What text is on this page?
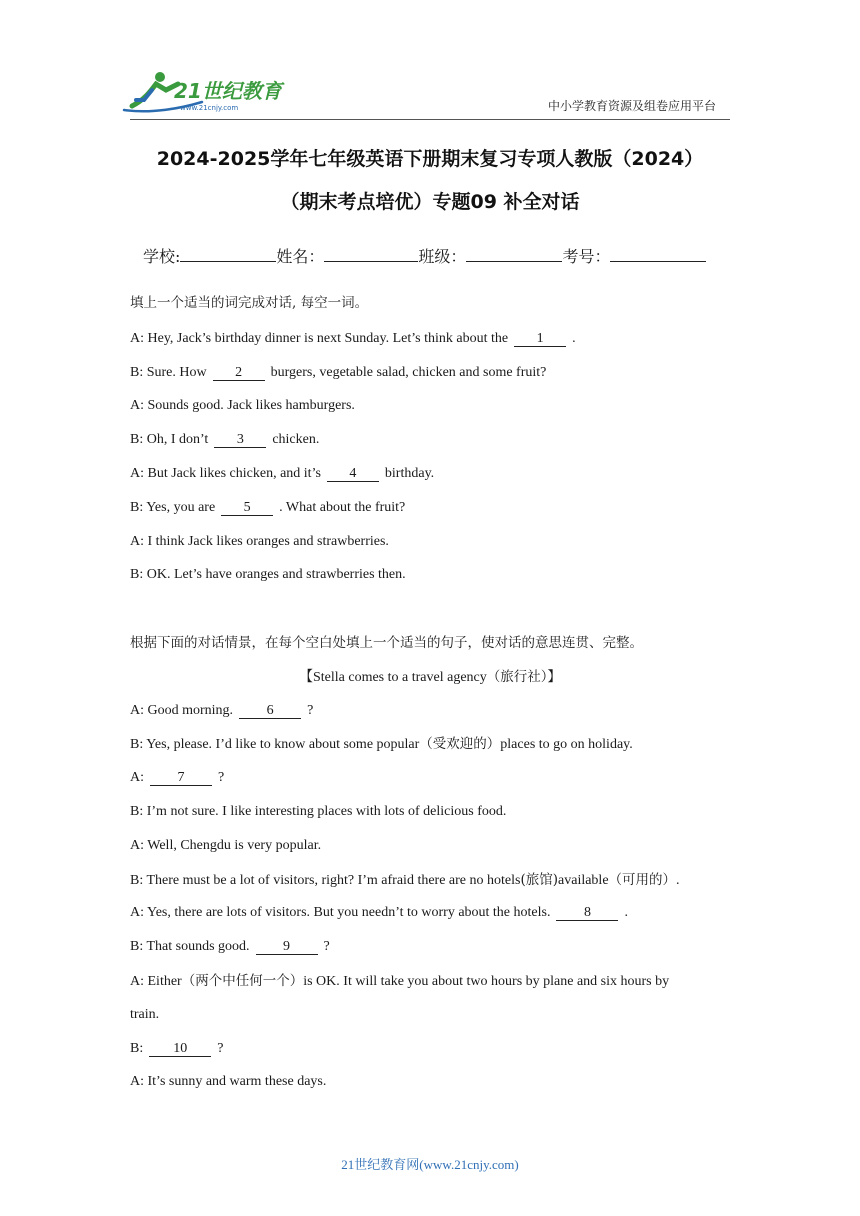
21世纪教育
www.21cnjy.com	中小学教育资源及组卷应用平台
2024-2025学年七年级英语下册期末复习专项人教版（2024）
（期末考点培优）专题09 补全对话
学校:	姓名：	班级：	考号：
填上一个适当的词完成对话, 每空一词。
A: Hey, Jack’s birthday dinner is next Sunday. Let’s think about the 1 .
B: Sure. How 2 burgers, vegetable salad, chicken and some fruit?
A: Sounds good. Jack likes hamburgers.
B: Oh, I don’t 3 chicken.
A: But Jack likes chicken, and it’s 4 birthday.
B: Yes, you are 5 . What about the fruit?
A: I think Jack likes oranges and strawberries.
B: OK. Let’s have oranges and strawberries then.
根据下面的对话情景，在每个空白处填上一个适当的句子，使对话的意思连贯、完整。
【Stella comes to a travel agency（旅行社）】
A: Good morning. 6 ?
B: Yes, please. I’d like to know about some popular（受欢迎的）places to go on holiday.
A: 7 ?
B: I’m not sure. I like interesting places with lots of delicious food.
A: Well, Chengdu is very popular.
B: There must be a lot of visitors, right? I’m afraid there are no hotels(旅馆)available（可用的）.
A: Yes, there are lots of visitors. But you needn’t to worry about the hotels. 8 .
B: That sounds good. 9 ?
A: Either（两个中任何一个）is OK. It will take you about two hours by plane and six hours by
train.
B: 10 ?
A: It’s sunny and warm these days.
21世纪教育网(www.21cnjy.com)
